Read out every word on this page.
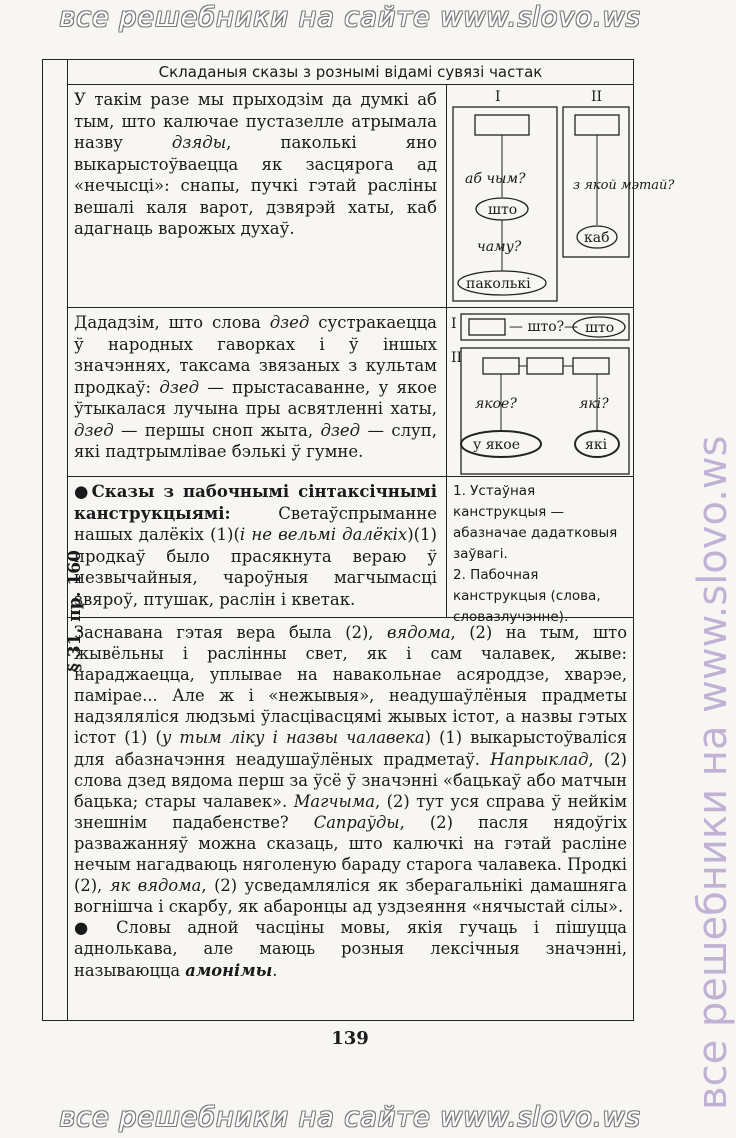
все решебники на сайте www.slovo.ws
все решебники на www.slovo.ws
§ 31, пр. 160
Складаныя сказы з рознымі відамі сувязі частак
У такім разе мы прыходзім да думкі аб тым, што калючае пустазелле атрымала назву дзяды, паколькі яно выкарыстоўваецца як засцярога ад «нечысці»: снапы, пучкі гэтай расліны вешалі каля варот, дзвярэй хаты, каб адагнаць варожых духаў.
I	II
аб чым?
што
чаму?
паколькі
з якой мэтай?
каб
Дададзім, што слова дзед сустракаецца ў народных гаворках і ў іншых значэннях, таксама звязаных з культам продкаў: дзед — прыстасаванне, у якое ўтыкалася лучына пры асвятленні хаты, дзед — першы сноп жыта, дзед — слуп, які падтрымлівае бэлькі ў гумне.
I	— што?— што
II
якое?
у якое
які?
які
●Сказы з пабочнымі сінтаксічнымі канструкцыямі: Светаўспрыманне нашых далёкіх (1)(і не вельмі далёкіх)(1) продкаў было прасякнута вераю ў незвычайныя, чароўныя магчымасці звяроў, птушак, раслін і кветак.
1. Устаўная канструкцыя — абазначае дадатковыя заўвагі.
2. Пабочная канструкцыя (слова, словазлучэнне).
Заснавана гэтая вера была (2), вядома, (2) на тым, што жывёльны і раслінны свет, як і сам чалавек, жыве: нараджаецца, уплывае на навакольнае асяроддзе, хварэе, паміраe... Але ж і «нежывыя», неадушаўлёныя прадметы надзяляліся людзьмі ўласцівасцямі жывых істот, а назвы гэтых істот (1) (у тым ліку і назвы чалавека) (1) выкарыстоўваліся для абазначэння неадушаўлёных прадметаў. Напрыклад, (2) слова дзед вядома перш за ўсё ў значэнні «бацькаў або матчын бацька; стары чалавек». Магчыма, (2) тут уся справа ў нейкім знешнім падабенстве? Сапраўды, (2) пасля нядоўгіх разважанняў можна сказаць, што калючкі на гэтай расліне нечым нагадваюць няголеную бараду старога чалавека. Продкі (2), як вядома, (2) усведамляліся як зберагальнікі дамашняга вогнішча і скарбу, як абаронцы ад уздзеяння «нячыстай сілы».
● Словы адной часціны мовы, якія гучаць і пішуцца аднолькава, але маюць розныя лексічныя значэнні, называюцца амонімы.
139
все решебники на сайте www.slovo.ws
